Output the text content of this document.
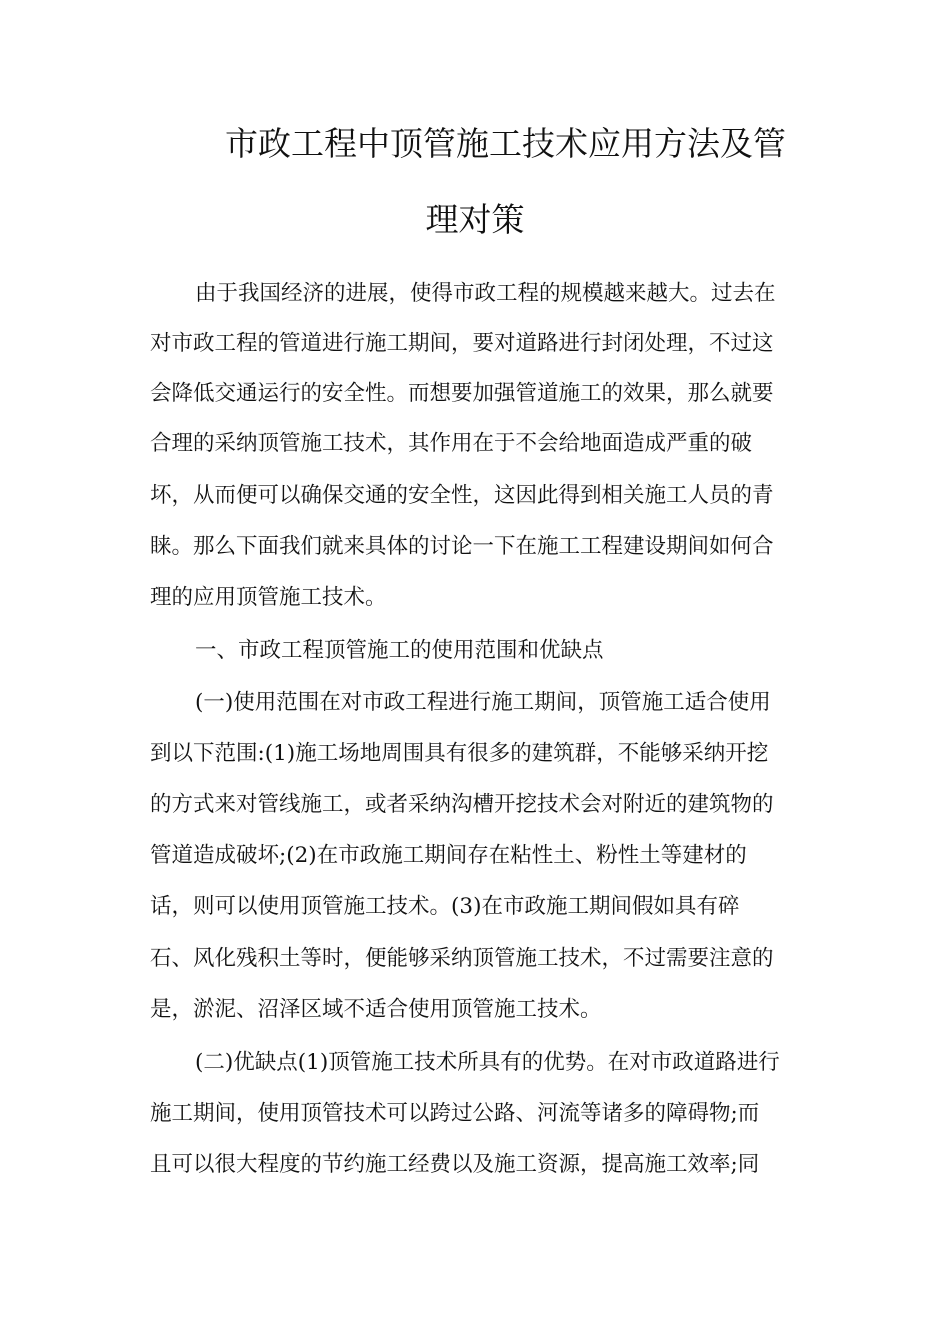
市政工程中顶管施工技术应用方法及管
理对策
由于我国经济的进展，使得市政工程的规模越来越大。过去在
对市政工程的管道进行施工期间，要对道路进行封闭处理，不过这
会降低交通运行的安全性。而想要加强管道施工的效果，那么就要
合理的采纳顶管施工技术，其作用在于不会给地面造成严重的破
坏，从而便可以确保交通的安全性，这因此得到相关施工人员的青
睐。那么下面我们就来具体的讨论一下在施工工程建设期间如何合
理的应用顶管施工技术。
一、市政工程顶管施工的使用范围和优缺点
(一)使用范围在对市政工程进行施工期间，顶管施工适合使用
到以下范围:(1)施工场地周围具有很多的建筑群，不能够采纳开挖
的方式来对管线施工，或者采纳沟槽开挖技术会对附近的建筑物的
管道造成破坏;(2)在市政施工期间存在粘性土、粉性土等建材的
话，则可以使用顶管施工技术。(3)在市政施工期间假如具有碎
石、风化残积土等时，便能够采纳顶管施工技术，不过需要注意的
是，淤泥、沼泽区域不适合使用顶管施工技术。
(二)优缺点(1)顶管施工技术所具有的优势。在对市政道路进行
施工期间，使用顶管技术可以跨过公路、河流等诸多的障碍物;而
且可以很大程度的节约施工经费以及施工资源，提高施工效率;同
